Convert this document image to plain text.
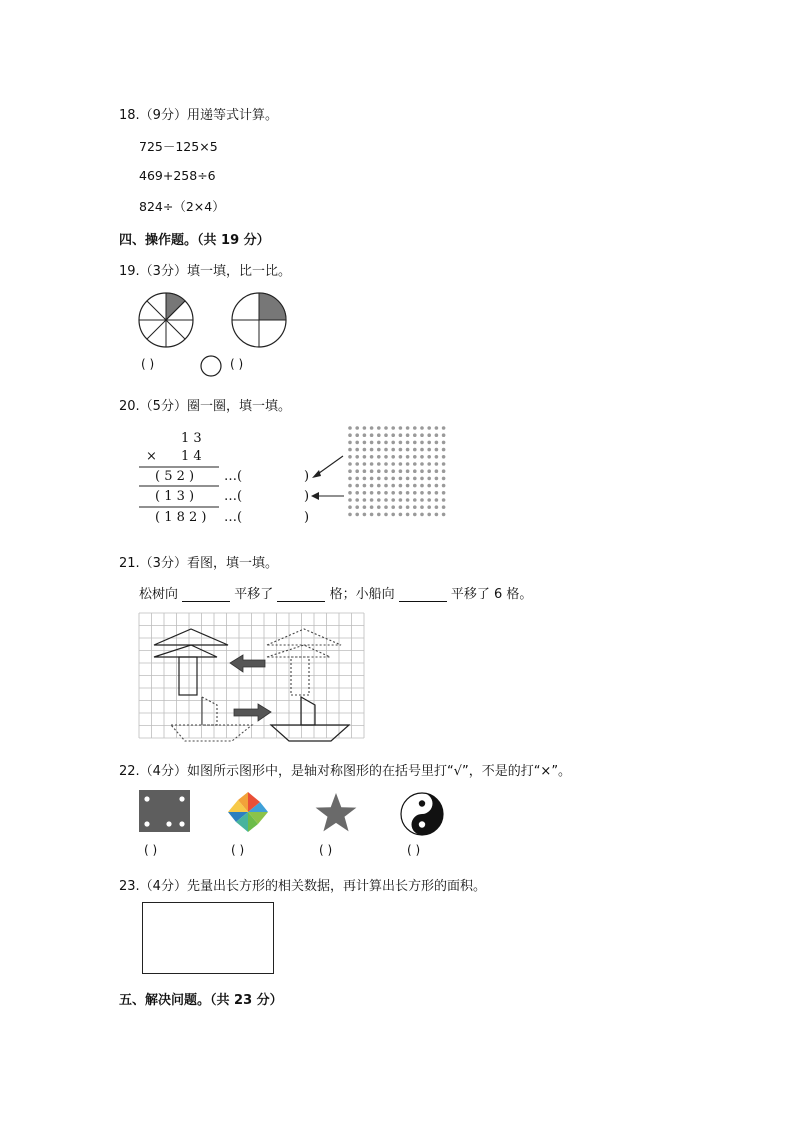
18.（9分）用递等式计算。
725－125×5
469+258÷6
824÷（2×4）
四、操作题。（共 19 分）
19.（3分）填一填，比一比。
( )	( )
20.（5分）圈一圈，填一填。
1 3
× 1 4
( 5 2 ) …(	)
( 1 3 ) …(	)
( 1 8 2 ) …(	)
21.（3分）看图，填一填。
松树向	平移了	格；小船向	平移了 6 格。
22.（4分）如图所示图形中，是轴对称图形的在括号里打“√”，不是的打“×”。
( )	( )	( )	( )
23.（4分）先量出长方形的相关数据，再计算出长方形的面积。
五、解决问题。（共 23 分）
